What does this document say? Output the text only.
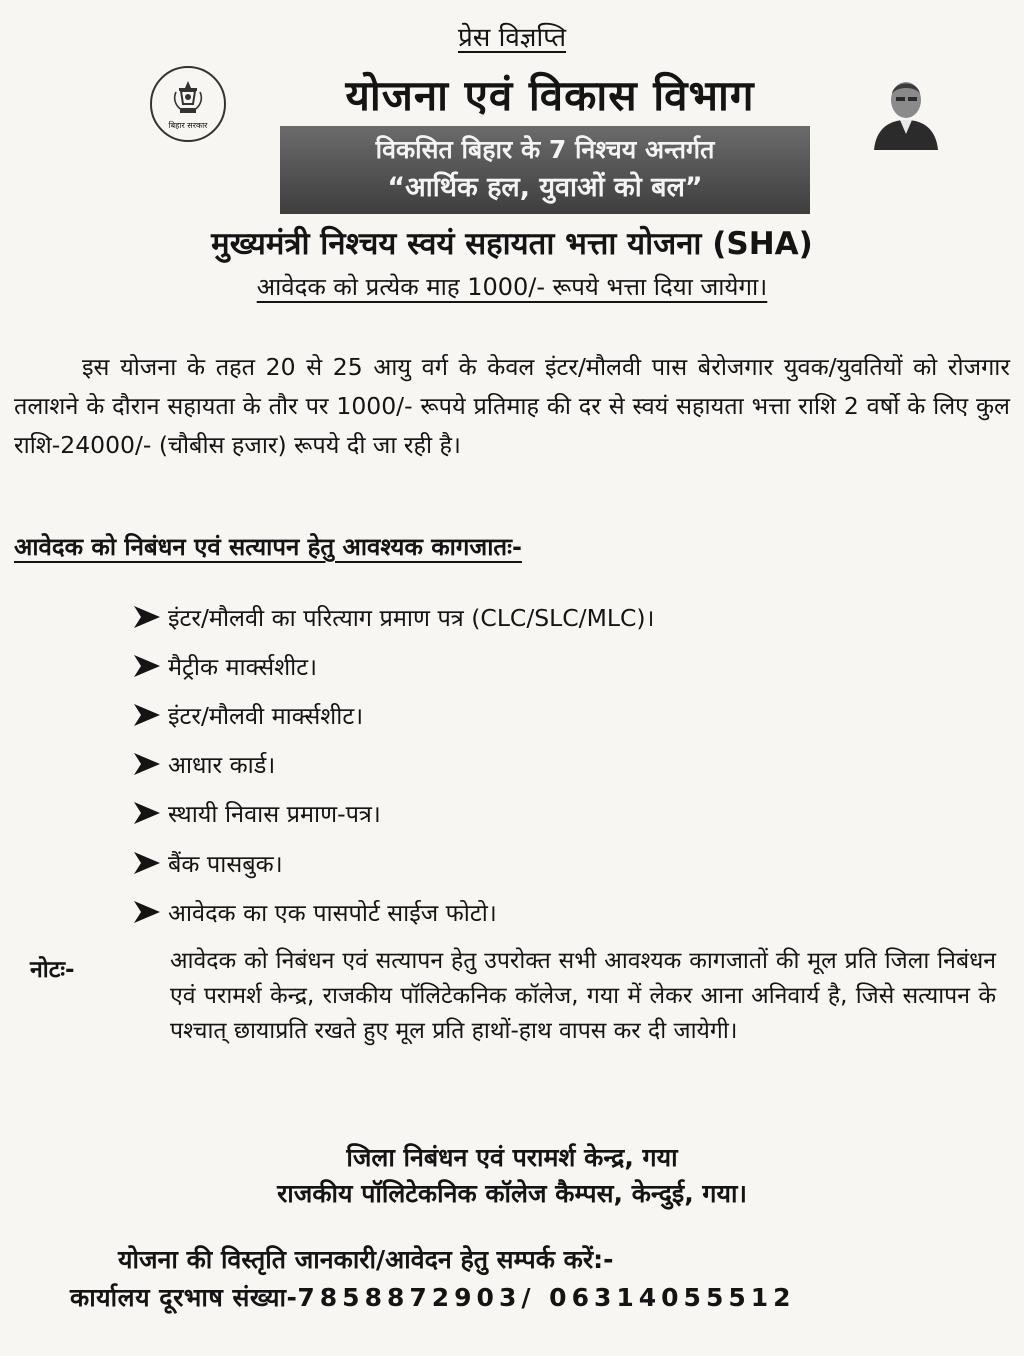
प्रेस विज्ञप्ति
बिहार सरकार
योजना एवं विकास विभाग
विकसित बिहार के 7 निश्चय अन्तर्गत
“आर्थिक हल, युवाओं को बल”
मुख्यमंत्री निश्चय स्वयं सहायता भत्ता योजना (SHA)
आवेदक को प्रत्येक माह 1000/- रूपये भत्ता दिया जायेगा।
इस योजना के तहत 20 से 25 आयु वर्ग के केवल इंटर/मौलवी पास बेरोजगार युवक/युवतियों को रोजगार तलाशने के दौरान सहायता के तौर पर 1000/- रूपये प्रतिमाह की दर से स्वयं सहायता भत्ता राशि 2 वर्षो के लिए कुल राशि-24000/- (चौबीस हजार) रूपये दी जा रही है।
आवेदक को निबंधन एवं सत्यापन हेतु आवश्यक कागजातः-
इंटर/मौलवी का परित्याग प्रमाण पत्र (CLC/SLC/MLC)।
मैट्रीक मार्क्सशीट।
इंटर/मौलवी मार्क्सशीट।
आधार कार्ड।
स्थायी निवास प्रमाण-पत्र।
बैंक पासबुक।
आवेदक का एक पासपोर्ट साईज फोटो।
नोटः-	आवेदक को निबंधन एवं सत्यापन हेतु उपरोक्त सभी आवश्यक कागजातों की मूल प्रति जिला निबंधन एवं परामर्श केन्द्र, राजकीय पॉलिटेकनिक कॉलेज, गया में लेकर आना अनिवार्य है, जिसे सत्यापन के पश्चात् छायाप्रति रखते हुए मूल प्रति हाथों-हाथ वापस कर दी जायेगी।
जिला निबंधन एवं परामर्श केन्द्र, गया
राजकीय पॉलिटेकनिक कॉलेज कैम्पस, केन्दुई, गया।
योजना की विस्तृति जानकारी/आवेदन हेतु सम्पर्क करें:-
कार्यालय दूरभाष संख्या-7858872903/ 06314055512
